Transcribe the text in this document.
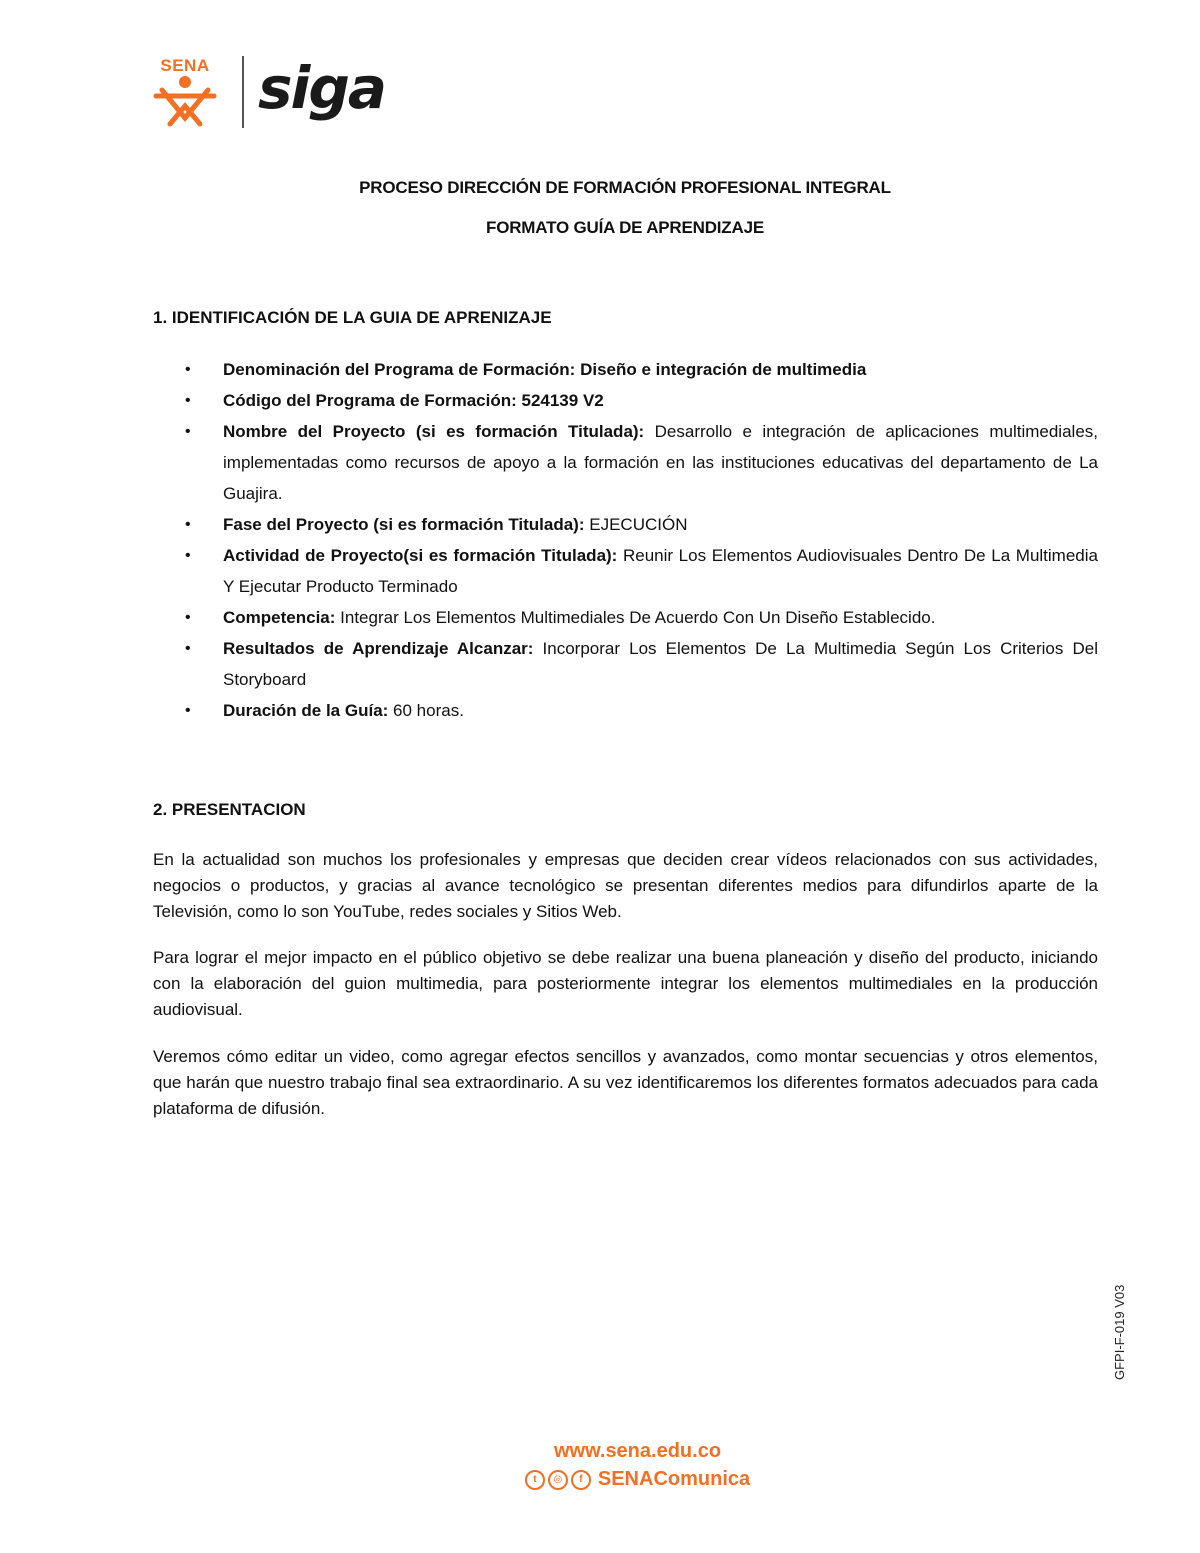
SENA siga
PROCESO DIRECCIÓN DE FORMACIÓN PROFESIONAL INTEGRAL
FORMATO GUÍA DE APRENDIZAJE
1. IDENTIFICACIÓN DE LA GUIA DE APRENIZAJE
• Denominación del Programa de Formación: Diseño e integración de multimedia
• Código del Programa de Formación: 524139 V2
• Nombre del Proyecto (si es formación Titulada): Desarrollo e integración de aplicaciones multimediales, implementadas como recursos de apoyo a la formación en las instituciones educativas del departamento de La Guajira.
• Fase del Proyecto (si es formación Titulada): EJECUCIÓN
• Actividad de Proyecto(si es formación Titulada): Reunir Los Elementos Audiovisuales Dentro De La Multimedia Y Ejecutar Producto Terminado
• Competencia: Integrar Los Elementos Multimediales De Acuerdo Con Un Diseño Establecido.
• Resultados de Aprendizaje Alcanzar: Incorporar Los Elementos De La Multimedia Según Los Criterios Del Storyboard
• Duración de la Guía: 60 horas.
2. PRESENTACION

En la actualidad son muchos los profesionales y empresas que deciden crear vídeos relacionados con sus actividades, negocios o productos, y gracias al avance tecnológico se presentan diferentes medios para difundirlos aparte de la Televisión, como lo son YouTube, redes sociales y Sitios Web.

Para lograr el mejor impacto en el público objetivo se debe realizar una buena planeación y diseño del producto, iniciando con la elaboración del guion multimedia, para posteriormente integrar los elementos multimediales en la producción audiovisual.

Veremos cómo editar un video, como agregar efectos sencillos y avanzados, como montar secuencias y otros elementos, que harán que nuestro trabajo final sea extraordinario. A su vez identificaremos los diferentes formatos adecuados para cada plataforma de difusión.

www.sena.edu.co
t ◎ f SENAComunica
GFPI-F-019 V03
